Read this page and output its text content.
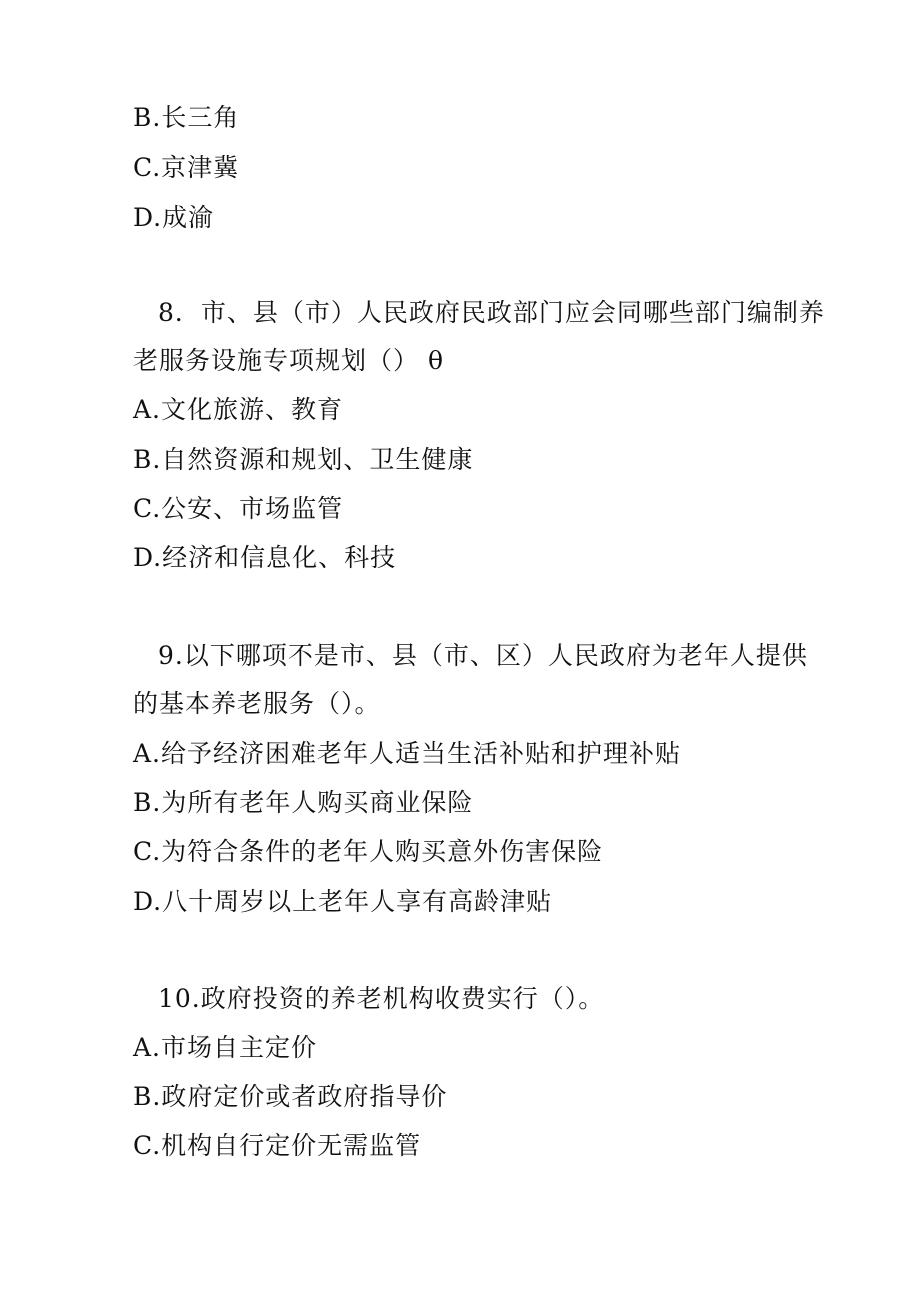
B.长三角
C.京津冀
D.成渝
8．市、县（市）人民政府民政部门应会同哪些部门编制养
老服务设施专项规划（） θ
A.文化旅游、教育
B.自然资源和规划、卫生健康
C.公安、市场监管
D.经济和信息化、科技
9.以下哪项不是市、县（市、区）人民政府为老年人提供
的基本养老服务（）。
A.给予经济困难老年人适当生活补贴和护理补贴
B.为所有老年人购买商业保险
C.为符合条件的老年人购买意外伤害保险
D.八十周岁以上老年人享有高龄津贴
10.政府投资的养老机构收费实行（）。
A.市场自主定价
B.政府定价或者政府指导价
C.机构自行定价无需监管
